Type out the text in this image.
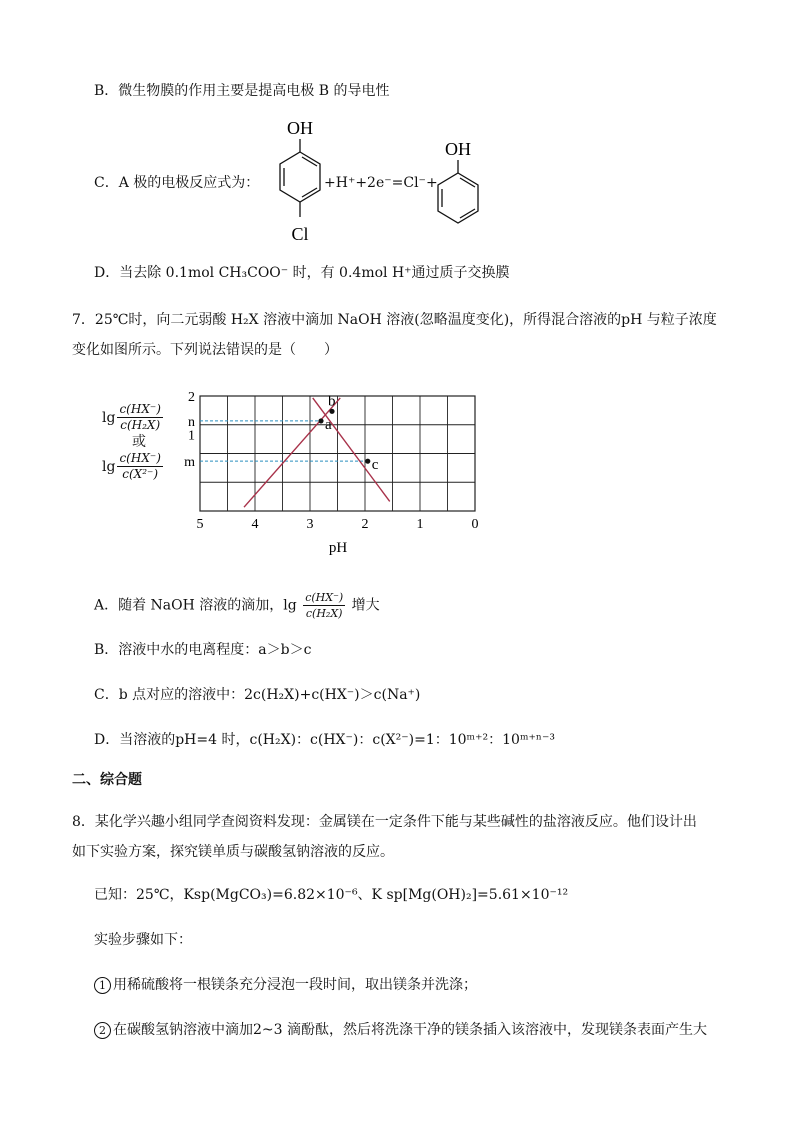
B．微生物膜的作用主要是提高电极 B 的导电性
C．A 极的电极反应式为：
OH
Cl
+H⁺+2e⁻=Cl⁻+
OH
D．当去除 0.1mol CH₃COO⁻ 时，有 0.4mol H⁺通过质子交换膜
7．25℃时，向二元弱酸 H₂X 溶液中滴加 NaOH 溶液(忽略温度变化)，所得混合溶液的pH 与粒子浓度
变化如图所示。下列说法错误的是（　　）
$\lg \frac{c(HX^-)}{\text{c(H₂X)}}$
或
$\lg \frac{c(HX^-)}{\text{c(X²⁻)}}$
5	4	3	2	1	0
2
n
1
m
a
b
c
pH
A．随着 NaOH 溶液的滴加，$\lg \frac{c(HX^-)}{\text{c(H₂X)}}$ 增大
B．溶液中水的电离程度：a＞b＞c
C．b 点对应的溶液中：2c(H₂X)+c(HX⁻)＞c(Na⁺)
D．当溶液的pH=4 时，c(H₂X)：c(HX⁻)：c(X²⁻)=1：10ᵐ⁺²：10ᵐ⁺ⁿ⁻³
二、综合题
8．某化学兴趣小组同学查阅资料发现：金属镁在一定条件下能与某些碱性的盐溶液反应。他们设计出
如下实验方案，探究镁单质与碳酸氢钠溶液的反应。
已知：25℃，Ksp(MgCO₃)=6.82×10⁻⁶、K sp[Mg(OH)₂]=5.61×10⁻¹²
实验步骤如下：
1 用稀硫酸将一根镁条充分浸泡一段时间，取出镁条并洗涤；
2 在碳酸氢钠溶液中滴加2~3 滴酚酞，然后将洗涤干净的镁条插入该溶液中，发现镁条表面产生大
